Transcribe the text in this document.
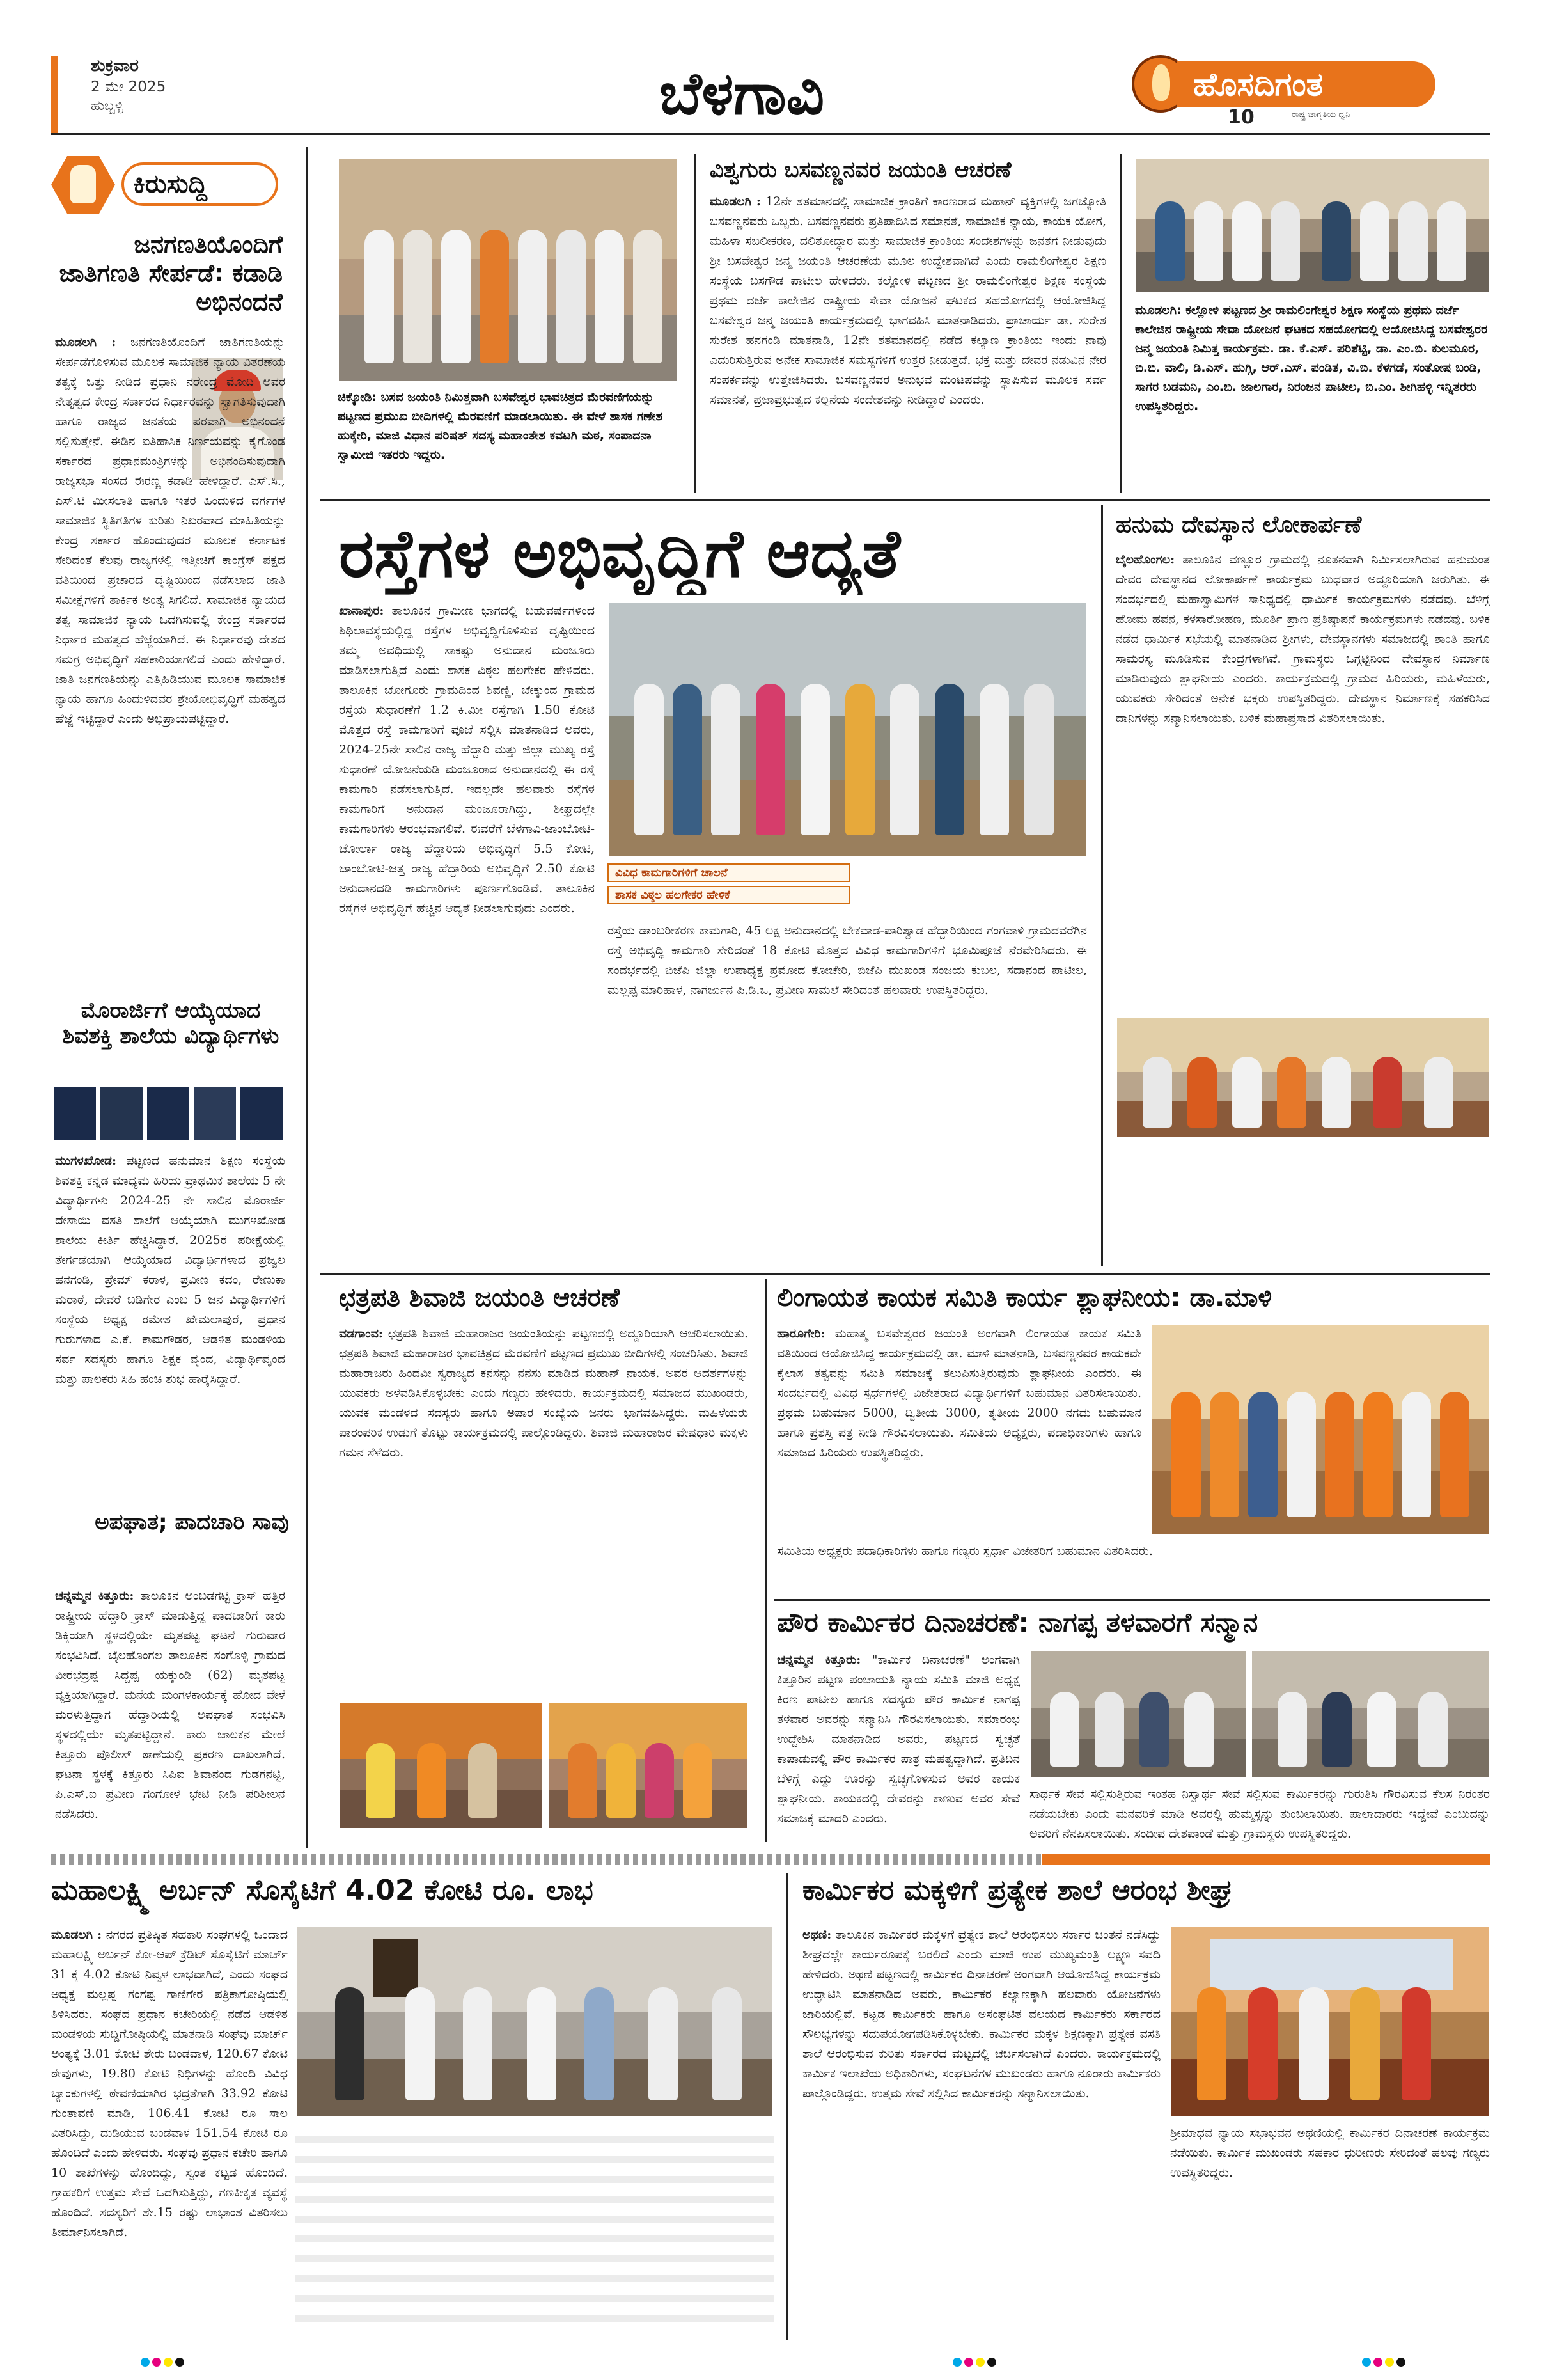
ಶುಕ್ರವಾರ
2 ಮೇ 2025
ಹುಬ್ಬಳ್ಳಿ	ಬೆಳಗಾವಿ	ಹೊಸದಿಗಂತ
ರಾಷ್ಟ್ರ ಜಾಗೃತಿಯ ಧ್ವನಿ
10
ಕಿರುಸುದ್ದಿ
ಜನಗಣತಿಯೊಂದಿಗೆ ಜಾತಿಗಣತಿ ಸೇರ್ಪಡೆ: ಕಡಾಡಿ ಅಭಿನಂದನೆ
ಮೂಡಲಗಿ : ಜನಗಣತಿಯೊಂದಿಗೆ ಜಾತಿಗಣತಿಯನ್ನು ಸೇರ್ಪಡೆಗೊಳಿಸುವ ಮೂಲಕ ಸಾಮಾಜಿಕ ನ್ಯಾಯ ವಿತರಣೆಯ ತತ್ವಕ್ಕೆ ಒತ್ತು ನೀಡಿದ ಪ್ರಧಾನಿ ನರೇಂದ್ರ ಮೋದಿ ಅವರ ನೇತೃತ್ವದ ಕೇಂದ್ರ ಸರ್ಕಾರದ ನಿರ್ಧಾರವನ್ನು ಸ್ವಾಗತಿಸುವುದಾಗಿ ಹಾಗೂ ರಾಜ್ಯದ ಜನತೆಯ ಪರವಾಗಿ ಅಭಿನಂದನೆ ಸಲ್ಲಿಸುತ್ತೇನೆ. ಈಡಿನ ಐತಿಹಾಸಿಕ ನಿರ್ಣಯವನ್ನು ಕೈಗೊಂಡ ಸರ್ಕಾರದ ಪ್ರಧಾನಮಂತ್ರಿಗಳನ್ನು ಅಭಿನಂದಿಸುವುದಾಗಿ ರಾಜ್ಯಸಭಾ ಸಂಸದ ಈರಣ್ಣ ಕಡಾಡಿ ಹೇಳಿದ್ದಾರೆ. ಎಸ್.ಸಿ., ಎಸ್.ಟಿ ಮೀಸಲಾತಿ ಹಾಗೂ ಇತರ ಹಿಂದುಳಿದ ವರ್ಗಗಳ ಸಾಮಾಜಿಕ ಸ್ಥಿತಿಗತಿಗಳ ಕುರಿತು ನಿಖರವಾದ ಮಾಹಿತಿಯನ್ನು ಕೇಂದ್ರ ಸರ್ಕಾರ ಹೊಂದುವುದರ ಮೂಲಕ ಕರ್ನಾಟಕ ಸೇರಿದಂತೆ ಕೆಲವು ರಾಜ್ಯಗಳಲ್ಲಿ ಇತ್ತೀಚಿಗೆ ಕಾಂಗ್ರೆಸ್ ಪಕ್ಷದ ವತಿಯಿಂದ ಪ್ರಚಾರದ ದೃಷ್ಟಿಯಿಂದ ನಡೆಸಲಾದ ಜಾತಿ ಸಮೀಕ್ಷೆಗಳಿಗೆ ತಾರ್ಕಿಕ ಅಂತ್ಯ ಸಿಗಲಿದೆ. ಸಾಮಾಜಿಕ ನ್ಯಾಯದ ತತ್ವ ಸಾಮಾಜಿಕ ನ್ಯಾಯ ಒದಗಿಸುವಲ್ಲಿ ಕೇಂದ್ರ ಸರ್ಕಾರದ ನಿರ್ಧಾರ ಮಹತ್ವದ ಹೆಜ್ಜೆಯಾಗಿದೆ. ಈ ನಿರ್ಧಾರವು ದೇಶದ ಸಮಗ್ರ ಅಭಿವೃದ್ಧಿಗೆ ಸಹಕಾರಿಯಾಗಲಿದೆ ಎಂದು ಹೇಳಿದ್ದಾರೆ. ಜಾತಿ ಜನಗಣತಿಯನ್ನು ಎತ್ತಿಹಿಡಿಯುವ ಮೂಲಕ ಸಾಮಾಜಿಕ ನ್ಯಾಯ ಹಾಗೂ ಹಿಂದುಳಿದವರ ಶ್ರೇಯೋಭಿವೃದ್ಧಿಗೆ ಮಹತ್ವದ ಹೆಜ್ಜೆ ಇಟ್ಟಿದ್ದಾರೆ ಎಂದು ಅಭಿಪ್ರಾಯಪಟ್ಟಿದ್ದಾರೆ.
ಮೊರಾರ್ಜಿಗೆ ಆಯ್ಕೆಯಾದ ಶಿವಶಕ್ತಿ ಶಾಲೆಯ ವಿದ್ಯಾರ್ಥಿಗಳು
ಮುಗಳಖೋಡ: ಪಟ್ಟಣದ ಹನುಮಾನ ಶಿಕ್ಷಣ ಸಂಸ್ಥೆಯ ಶಿವಶಕ್ತಿ ಕನ್ನಡ ಮಾಧ್ಯಮ ಹಿರಿಯ ಪ್ರಾಥಮಿಕ ಶಾಲೆಯ 5 ನೇ ವಿದ್ಯಾರ್ಥಿಗಳು 2024-25 ನೇ ಸಾಲಿನ ಮೊರಾರ್ಜಿ ದೇಸಾಯಿ ವಸತಿ ಶಾಲೆಗೆ ಆಯ್ಕೆಯಾಗಿ ಮುಗಳಖೋಡ ಶಾಲೆಯ ಕೀರ್ತಿ ಹೆಚ್ಚಿಸಿದ್ದಾರೆ. 2025ರ ಪರೀಕ್ಷೆಯಲ್ಲಿ ತೇರ್ಗಡೆಯಾಗಿ ಆಯ್ಕೆಯಾದ ವಿದ್ಯಾರ್ಥಿಗಳಾದ ಪ್ರಜ್ವಲ ಹನಗಂಡಿ, ಪ್ರೇಮ್ ಕರಾಳ, ಪ್ರವೀಣ ಕದಂ, ರೇಣುಕಾ ಮರಾಠೆ, ದೇವರೆ ಬಡಿಗೇರ ಎಂಬ 5 ಜನ ವಿದ್ಯಾರ್ಥಿಗಳಿಗೆ ಸಂಸ್ಥೆಯ ಅಧ್ಯಕ್ಷ ರಮೇಶ ಖೇಮಲಾಪುರೆ, ಪ್ರಧಾನ ಗುರುಗಳಾದ ಎ.ಕೆ. ಕಾಮಗೌಡರ, ಆಡಳಿತ ಮಂಡಳಿಯ ಸರ್ವ ಸದಸ್ಯರು ಹಾಗೂ ಶಿಕ್ಷಕ ವೃಂದ, ವಿದ್ಯಾರ್ಥಿವೃಂದ ಮತ್ತು ಪಾಲಕರು ಸಿಹಿ ಹಂಚಿ ಶುಭ ಹಾರೈಸಿದ್ದಾರೆ.
ಅಪಘಾತ; ಪಾದಚಾರಿ ಸಾವು
ಚನ್ನಮ್ಮನ ಕಿತ್ತೂರು: ತಾಲೂಕಿನ ಅಂಬಡಗಟ್ಟಿ ಕ್ರಾಸ್ ಹತ್ತಿರ ರಾಷ್ಟ್ರೀಯ ಹೆದ್ದಾರಿ ಕ್ರಾಸ್ ಮಾಡುತ್ತಿದ್ದ ಪಾದಚಾರಿಗೆ ಕಾರು ಡಿಕ್ಕಿಯಾಗಿ ಸ್ಥಳದಲ್ಲಿಯೇ ಮೃತಪಟ್ಟ ಘಟನೆ ಗುರುವಾರ ಸಂಭವಿಸಿದೆ. ಬೈಲಹೊಂಗಲ ತಾಲೂಕಿನ ಸಂಗೊಳ್ಳಿ ಗ್ರಾಮದ ವೀರಭದ್ರಪ್ಪ ಸಿದ್ದಪ್ಪ ಯಕ್ಕುಂಡಿ (62) ಮೃತಪಟ್ಟ ವ್ಯಕ್ತಿಯಾಗಿದ್ದಾರೆ. ಮನೆಯ ಮಂಗಳಕಾರ್ಯಕ್ಕೆ ಹೋದ ವೇಳೆ ಮರಳುತ್ತಿದ್ದಾಗ ಹೆದ್ದಾರಿಯಲ್ಲಿ ಅಪಘಾತ ಸಂಭವಿಸಿ ಸ್ಥಳದಲ್ಲಿಯೇ ಮೃತಪಟ್ಟಿದ್ದಾನೆ. ಕಾರು ಚಾಲಕನ ಮೇಲೆ ಕಿತ್ತೂರು ಪೊಲೀಸ್ ಠಾಣೆಯಲ್ಲಿ ಪ್ರಕರಣ ದಾಖಲಾಗಿದೆ. ಘಟನಾ ಸ್ಥಳಕ್ಕೆ ಕಿತ್ತೂರು ಸಿಪಿಐ ಶಿವಾನಂದ ಗುಡಗನಟ್ಟಿ, ಪಿ.ಎಸ್.ಐ ಪ್ರವೀಣ ಗಂಗೋಳ ಭೇಟಿ ನೀಡಿ ಪರಿಶೀಲನೆ ನಡೆಸಿದರು.
ಚಿಕ್ಕೋಡಿ: ಬಸವ ಜಯಂತಿ ನಿಮಿತ್ತವಾಗಿ ಬಸವೇಶ್ವರ ಭಾವಚಿತ್ರದ ಮೆರವಣಿಗೆಯನ್ನು ಪಟ್ಟಣದ ಪ್ರಮುಖ ಬೀದಿಗಳಲ್ಲಿ ಮೆರವಣಿಗೆ ಮಾಡಲಾಯಿತು. ಈ ವೇಳೆ ಶಾಸಕ ಗಣೇಶ ಹುಕ್ಕೇರಿ, ಮಾಜಿ ವಿಧಾನ ಪರಿಷತ್ ಸದಸ್ಯ ಮಹಾಂತೇಶ ಕವಟಗಿ ಮಠ, ಸಂಪಾದನಾ ಸ್ವಾಮೀಜಿ ಇತರರು ಇದ್ದರು.
ವಿಶ್ವಗುರು ಬಸವಣ್ಣನವರ ಜಯಂತಿ ಆಚರಣೆ
ಮೂಡಲಗಿ : 12ನೇ ಶತಮಾನದಲ್ಲಿ ಸಾಮಾಜಿಕ ಕ್ರಾಂತಿಗೆ ಕಾರಣರಾದ ಮಹಾನ್ ವ್ಯಕ್ತಿಗಳಲ್ಲಿ ಜಗಜ್ಯೋತಿ ಬಸವಣ್ಣನವರು ಒಬ್ಬರು. ಬಸವಣ್ಣನವರು ಪ್ರತಿಪಾದಿಸಿದ ಸಮಾನತೆ, ಸಾಮಾಜಿಕ ನ್ಯಾಯ, ಕಾಯಕ ಯೋಗ, ಮಹಿಳಾ ಸಬಲೀಕರಣ, ದಲಿತೋದ್ಧಾರ ಮತ್ತು ಸಾಮಾಜಿಕ ಕ್ರಾಂತಿಯ ಸಂದೇಶಗಳನ್ನು ಜನತೆಗೆ ನೀಡುವುದು ಶ್ರೀ ಬಸವೇಶ್ವರ ಜನ್ಮ ಜಯಂತಿ ಆಚರಣೆಯ ಮೂಲ ಉದ್ದೇಶವಾಗಿದೆ ಎಂದು ರಾಮಲಿಂಗೇಶ್ವರ ಶಿಕ್ಷಣ ಸಂಸ್ಥೆಯ ಬಸಗೌಡ ಪಾಟೀಲ ಹೇಳಿದರು. ಕಲ್ಲೋಳಿ ಪಟ್ಟಣದ ಶ್ರೀ ರಾಮಲಿಂಗೇಶ್ವರ ಶಿಕ್ಷಣ ಸಂಸ್ಥೆಯ ಪ್ರಥಮ ದರ್ಜೆ ಕಾಲೇಜಿನ ರಾಷ್ಟ್ರೀಯ ಸೇವಾ ಯೋಜನೆ ಘಟಕದ ಸಹಯೋಗದಲ್ಲಿ ಆಯೋಜಿಸಿದ್ದ ಬಸವೇಶ್ವರ ಜನ್ಮ ಜಯಂತಿ ಕಾರ್ಯಕ್ರಮದಲ್ಲಿ ಭಾಗವಹಿಸಿ ಮಾತನಾಡಿದರು. ಪ್ರಾಚಾರ್ಯ ಡಾ. ಸುರೇಶ ಸುರೇಶ ಹನಗಂಡಿ ಮಾತನಾಡಿ, 12ನೇ ಶತಮಾನದಲ್ಲಿ ನಡೆದ ಕಲ್ಯಾಣ ಕ್ರಾಂತಿಯ ಇಂದು ನಾವು ಎದುರಿಸುತ್ತಿರುವ ಅನೇಕ ಸಾಮಾಜಿಕ ಸಮಸ್ಯೆಗಳಿಗೆ ಉತ್ತರ ನೀಡುತ್ತದೆ. ಭಕ್ತ ಮತ್ತು ದೇವರ ನಡುವಿನ ನೇರ ಸಂಪರ್ಕವನ್ನು ಉತ್ತೇಜಿಸಿದರು. ಬಸವಣ್ಣನವರ ಅನುಭವ ಮಂಟಪವನ್ನು ಸ್ಥಾಪಿಸುವ ಮೂಲಕ ಸರ್ವ ಸಮಾನತೆ, ಪ್ರಜಾಪ್ರಭುತ್ವದ ಕಲ್ಪನೆಯ ಸಂದೇಶವನ್ನು ನೀಡಿದ್ದಾರೆ ಎಂದರು.
ಮೂಡಲಗಿ: ಕಲ್ಲೋಳಿ ಪಟ್ಟಣದ ಶ್ರೀ ರಾಮಲಿಂಗೇಶ್ವರ ಶಿಕ್ಷಣ ಸಂಸ್ಥೆಯ ಪ್ರಥಮ ದರ್ಜೆ ಕಾಲೇಜಿನ ರಾಷ್ಟ್ರೀಯ ಸೇವಾ ಯೋಜನೆ ಘಟಕದ ಸಹಯೋಗದಲ್ಲಿ ಆಯೋಜಿಸಿದ್ದ ಬಸವೇಶ್ವರರ ಜನ್ಮ ಜಯಂತಿ ನಿಮಿತ್ತ ಕಾರ್ಯಕ್ರಮ. ಡಾ. ಕೆ.ಎಸ್. ಪರಿಶೆಟ್ಟಿ, ಡಾ. ಎಂ.ಬಿ. ಕುಲಮೂರ, ಬಿ.ಬಿ. ವಾಲಿ, ಡಿ.ಎಸ್. ಹುಗ್ಗಿ, ಆರ್.ಎಸ್. ಪಂಡಿತ, ವಿ.ಬಿ. ಕೆಳಗಡೆ, ಸಂತೋಷ ಬಂಡಿ, ಸಾಗರ ಬಡಮನಿ, ಎಂ.ಬಿ. ಜಾಲಗಾರ, ನಿರಂಜನ ಪಾಟೀಲ, ಬಿ.ಎಂ. ಶೀಗಿಹಳ್ಳಿ ಇನ್ನಿತರರು ಉಪಸ್ಥಿತರಿದ್ದರು.
ರಸ್ತೆಗಳ ಅಭಿವೃದ್ಧಿಗೆ ಆದ್ಯತೆ
ಖಾನಾಪುರ: ತಾಲೂಕಿನ ಗ್ರಾಮೀಣ ಭಾಗದಲ್ಲಿ ಬಹುವರ್ಷಗಳಿಂದ ಶಿಥಿಲಾವಸ್ಥೆಯಲ್ಲಿದ್ದ ರಸ್ತೆಗಳ ಅಭಿವೃದ್ಧಿಗೊಳಿಸುವ ದೃಷ್ಟಿಯಿಂದ ತಮ್ಮ ಅವಧಿಯಲ್ಲಿ ಸಾಕಷ್ಟು ಅನುದಾನ ಮಂಜೂರು ಮಾಡಿಸಲಾಗುತ್ತಿದೆ ಎಂದು ಶಾಸಕ ವಿಠ್ಠಲ ಹಲಗೇಕರ ಹೇಳಿದರು. ತಾಲೂಕಿನ ಬೋಗೂರು ಗ್ರಾಮದಿಂದ ಶಿವಣ್ಣಿ, ಬೇಕ್ಕುಂದ ಗ್ರಾಮದ ರಸ್ತೆಯ ಸುಧಾರಣೆಗೆ 1.2 ಕಿ.ಮೀ ರಸ್ತೆಗಾಗಿ 1.50 ಕೋಟಿ ಮೊತ್ತದ ರಸ್ತೆ ಕಾಮಗಾರಿಗೆ ಪೂಜೆ ಸಲ್ಲಿಸಿ ಮಾತನಾಡಿದ ಅವರು, 2024-25ನೇ ಸಾಲಿನ ರಾಜ್ಯ ಹೆದ್ದಾರಿ ಮತ್ತು ಜಿಲ್ಲಾ ಮುಖ್ಯ ರಸ್ತೆ ಸುಧಾರಣೆ ಯೋಜನೆಯಡಿ ಮಂಜೂರಾದ ಅನುದಾನದಲ್ಲಿ ಈ ರಸ್ತೆ ಕಾಮಗಾರಿ ನಡೆಸಲಾಗುತ್ತಿದೆ. ಇದಲ್ಲದೇ ಹಲವಾರು ರಸ್ತೆಗಳ ಕಾಮಗಾರಿಗೆ ಅನುದಾನ ಮಂಜೂರಾಗಿದ್ದು, ಶೀಘ್ರದಲ್ಲೇ ಕಾಮಗಾರಿಗಳು ಆರಂಭವಾಗಲಿವೆ. ಈವರೆಗೆ ಬೆಳಗಾವಿ-ಜಾಂಬೋಟಿ-ಚೋರ್ಲಾ ರಾಜ್ಯ ಹೆದ್ದಾರಿಯ ಅಭಿವೃದ್ಧಿಗೆ 5.5 ಕೋಟಿ, ಜಾಂಬೋಟಿ-ಜತ್ತ ರಾಜ್ಯ ಹೆದ್ದಾರಿಯ ಅಭಿವೃದ್ಧಿಗೆ 2.50 ಕೋಟಿ ಅನುದಾನದಡಿ ಕಾಮಗಾರಿಗಳು ಪೂರ್ಣಗೊಂಡಿವೆ. ತಾಲೂಕಿನ ರಸ್ತೆಗಳ ಅಭಿವೃದ್ಧಿಗೆ ಹೆಚ್ಚಿನ ಆದ್ಯತೆ ನೀಡಲಾಗುವುದು ಎಂದರು.
ವಿವಿಧ ಕಾಮಗಾರಿಗಳಿಗೆ ಚಾಲನೆ
ಶಾಸಕ ವಿಠ್ಠಲ ಹಲಗೇಕರ ಹೇಳಿಕೆ
ರಸ್ತೆಯ ಡಾಂಬರೀಕರಣ ಕಾಮಗಾರಿ, 45 ಲಕ್ಷ ಅನುದಾನದಲ್ಲಿ ಬೇಕವಾಡ-ಪಾರಿಶ್ವಾಡ ಹೆದ್ದಾರಿಯಿಂದ ಗಂಗವಾಳಿ ಗ್ರಾಮದವರೆಗಿನ ರಸ್ತೆ ಅಭಿವೃದ್ಧಿ ಕಾಮಗಾರಿ ಸೇರಿದಂತೆ 18 ಕೋಟಿ ಮೊತ್ತದ ವಿವಿಧ ಕಾಮಗಾರಿಗಳಿಗೆ ಭೂಮಿಪೂಜೆ ನೆರವೇರಿಸಿದರು. ಈ ಸಂದರ್ಭದಲ್ಲಿ ಬಿಜೆಪಿ ಜಿಲ್ಲಾ ಉಪಾಧ್ಯಕ್ಷ ಪ್ರಮೋದ ಕೋಚೇರಿ, ಬಿಜೆಪಿ ಮುಖಂಡ ಸಂಜಯ ಕುಬಲ, ಸದಾನಂದ ಪಾಟೀಲ, ಮಲ್ಲಪ್ಪ ಮಾರಿಹಾಳ, ನಾಗರ್ಜುನ ಪಿ.ಡಿ.ಒ, ಪ್ರವೀಣ ಸಾಮಲೆ ಸೇರಿದಂತೆ ಹಲವಾರು ಉಪಸ್ಥಿತರಿದ್ದರು.
ಹನುಮ ದೇವಸ್ಥಾನ ಲೋಕಾರ್ಪಣೆ
ಬೈಲಹೊಂಗಲ: ತಾಲೂಕಿನ ವಣ್ಣೂರ ಗ್ರಾಮದಲ್ಲಿ ನೂತನವಾಗಿ ನಿರ್ಮಿಸಲಾಗಿರುವ ಹನುಮಂತ ದೇವರ ದೇವಸ್ಥಾನದ ಲೋಕಾರ್ಪಣೆ ಕಾರ್ಯಕ್ರಮ ಬುಧವಾರ ಅದ್ದೂರಿಯಾಗಿ ಜರುಗಿತು. ಈ ಸಂದರ್ಭದಲ್ಲಿ ಮಹಾಸ್ವಾಮಿಗಳ ಸಾನಿಧ್ಯದಲ್ಲಿ ಧಾರ್ಮಿಕ ಕಾರ್ಯಕ್ರಮಗಳು ನಡೆದವು. ಬೆಳಿಗ್ಗೆ ಹೋಮ ಹವನ, ಕಳಸಾರೋಹಣ, ಮೂರ್ತಿ ಪ್ರಾಣ ಪ್ರತಿಷ್ಠಾಪನೆ ಕಾರ್ಯಕ್ರಮಗಳು ನಡೆದವು. ಬಳಿಕ ನಡೆದ ಧಾರ್ಮಿಕ ಸಭೆಯಲ್ಲಿ ಮಾತನಾಡಿದ ಶ್ರೀಗಳು, ದೇವಸ್ಥಾನಗಳು ಸಮಾಜದಲ್ಲಿ ಶಾಂತಿ ಹಾಗೂ ಸಾಮರಸ್ಯ ಮೂಡಿಸುವ ಕೇಂದ್ರಗಳಾಗಿವೆ. ಗ್ರಾಮಸ್ಥರು ಒಗ್ಗಟ್ಟಿನಿಂದ ದೇವಸ್ಥಾನ ನಿರ್ಮಾಣ ಮಾಡಿರುವುದು ಶ್ಲಾಘನೀಯ ಎಂದರು. ಕಾರ್ಯಕ್ರಮದಲ್ಲಿ ಗ್ರಾಮದ ಹಿರಿಯರು, ಮಹಿಳೆಯರು, ಯುವಕರು ಸೇರಿದಂತೆ ಅನೇಕ ಭಕ್ತರು ಉಪಸ್ಥಿತರಿದ್ದರು. ದೇವಸ್ಥಾನ ನಿರ್ಮಾಣಕ್ಕೆ ಸಹಕರಿಸಿದ ದಾನಿಗಳನ್ನು ಸನ್ಮಾನಿಸಲಾಯಿತು. ಬಳಿಕ ಮಹಾಪ್ರಸಾದ ವಿತರಿಸಲಾಯಿತು.
ಛತ್ರಪತಿ ಶಿವಾಜಿ ಜಯಂತಿ ಆಚರಣೆ
ವಡಗಾಂವ: ಛತ್ರಪತಿ ಶಿವಾಜಿ ಮಹಾರಾಜರ ಜಯಂತಿಯನ್ನು ಪಟ್ಟಣದಲ್ಲಿ ಅದ್ದೂರಿಯಾಗಿ ಆಚರಿಸಲಾಯಿತು. ಛತ್ರಪತಿ ಶಿವಾಜಿ ಮಹಾರಾಜರ ಭಾವಚಿತ್ರದ ಮೆರವಣಿಗೆ ಪಟ್ಟಣದ ಪ್ರಮುಖ ಬೀದಿಗಳಲ್ಲಿ ಸಂಚರಿಸಿತು. ಶಿವಾಜಿ ಮಹಾರಾಜರು ಹಿಂದವೀ ಸ್ವರಾಜ್ಯದ ಕನಸನ್ನು ನನಸು ಮಾಡಿದ ಮಹಾನ್ ನಾಯಕ. ಅವರ ಆದರ್ಶಗಳನ್ನು ಯುವಕರು ಅಳವಡಿಸಿಕೊಳ್ಳಬೇಕು ಎಂದು ಗಣ್ಯರು ಹೇಳಿದರು. ಕಾರ್ಯಕ್ರಮದಲ್ಲಿ ಸಮಾಜದ ಮುಖಂಡರು, ಯುವಕ ಮಂಡಳದ ಸದಸ್ಯರು ಹಾಗೂ ಅಪಾರ ಸಂಖ್ಯೆಯ ಜನರು ಭಾಗವಹಿಸಿದ್ದರು. ಮಹಿಳೆಯರು ಪಾರಂಪರಿಕ ಉಡುಗೆ ತೊಟ್ಟು ಕಾರ್ಯಕ್ರಮದಲ್ಲಿ ಪಾಲ್ಗೊಂಡಿದ್ದರು. ಶಿವಾಜಿ ಮಹಾರಾಜರ ವೇಷಧಾರಿ ಮಕ್ಕಳು ಗಮನ ಸೆಳೆದರು.
ಲಿಂಗಾಯತ ಕಾಯಕ ಸಮಿತಿ ಕಾರ್ಯ ಶ್ಲಾಘನೀಯ: ಡಾ.ಮಾಳಿ
ಹಾರೂಗೇರಿ: ಮಹಾತ್ಮ ಬಸವೇಶ್ವರರ ಜಯಂತಿ ಅಂಗವಾಗಿ ಲಿಂಗಾಯತ ಕಾಯಕ ಸಮಿತಿ ವತಿಯಿಂದ ಆಯೋಜಿಸಿದ್ದ ಕಾರ್ಯಕ್ರಮದಲ್ಲಿ ಡಾ. ಮಾಳಿ ಮಾತನಾಡಿ, ಬಸವಣ್ಣನವರ ಕಾಯಕವೇ ಕೈಲಾಸ ತತ್ವವನ್ನು ಸಮಿತಿ ಸಮಾಜಕ್ಕೆ ತಲುಪಿಸುತ್ತಿರುವುದು ಶ್ಲಾಘನೀಯ ಎಂದರು. ಈ ಸಂದರ್ಭದಲ್ಲಿ ವಿವಿಧ ಸ್ಪರ್ಧೆಗಳಲ್ಲಿ ವಿಜೇತರಾದ ವಿದ್ಯಾರ್ಥಿಗಳಿಗೆ ಬಹುಮಾನ ವಿತರಿಸಲಾಯಿತು. ಪ್ರಥಮ ಬಹುಮಾನ 5000, ದ್ವಿತೀಯ 3000, ತೃತೀಯ 2000 ನಗದು ಬಹುಮಾನ ಹಾಗೂ ಪ್ರಶಸ್ತಿ ಪತ್ರ ನೀಡಿ ಗೌರವಿಸಲಾಯಿತು. ಸಮಿತಿಯ ಅಧ್ಯಕ್ಷರು, ಪದಾಧಿಕಾರಿಗಳು ಹಾಗೂ ಸಮಾಜದ ಹಿರಿಯರು ಉಪಸ್ಥಿತರಿದ್ದರು.
ಸಮಿತಿಯ ಅಧ್ಯಕ್ಷರು ಪದಾಧಿಕಾರಿಗಳು ಹಾಗೂ ಗಣ್ಯರು ಸ್ಪರ್ಧಾ ವಿಜೇತರಿಗೆ ಬಹುಮಾನ ವಿತರಿಸಿದರು.
ಪೌರ ಕಾರ್ಮಿಕರ ದಿನಾಚರಣೆ: ನಾಗಪ್ಪ ತಳವಾರಗೆ ಸನ್ಮಾನ
ಚನ್ನಮ್ಮನ ಕಿತ್ತೂರು: "ಕಾರ್ಮಿಕ ದಿನಾಚರಣೆ" ಅಂಗವಾಗಿ ಕಿತ್ತೂರಿನ ಪಟ್ಟಣ ಪಂಚಾಯತಿ ನ್ಯಾಯ ಸಮಿತಿ ಮಾಜಿ ಅಧ್ಯಕ್ಷ ಕಿರಣ ಪಾಟೀಲ ಹಾಗೂ ಸದಸ್ಯರು ಪೌರ ಕಾರ್ಮಿಕ ನಾಗಪ್ಪ ತಳವಾರ ಅವರನ್ನು ಸನ್ಮಾನಿಸಿ ಗೌರವಿಸಲಾಯಿತು. ಸಮಾರಂಭ ಉದ್ದೇಶಿಸಿ ಮಾತನಾಡಿದ ಅವರು, ಪಟ್ಟಣದ ಸ್ವಚ್ಛತೆ ಕಾಪಾಡುವಲ್ಲಿ ಪೌರ ಕಾರ್ಮಿಕರ ಪಾತ್ರ ಮಹತ್ವದ್ದಾಗಿದೆ. ಪ್ರತಿದಿನ ಬೆಳಿಗ್ಗೆ ಎದ್ದು ಊರನ್ನು ಸ್ವಚ್ಛಗೊಳಿಸುವ ಅವರ ಕಾಯಕ ಶ್ಲಾಘನೀಯ. ಕಾಯಕದಲ್ಲಿ ದೇವರನ್ನು ಕಾಣುವ ಅವರ ಸೇವೆ ಸಮಾಜಕ್ಕೆ ಮಾದರಿ ಎಂದರು.
ಸಾರ್ಥಕ ಸೇವೆ ಸಲ್ಲಿಸುತ್ತಿರುವ ಇಂತಹ ನಿಸ್ವಾರ್ಥ ಸೇವೆ ಸಲ್ಲಿಸುವ ಕಾರ್ಮಿಕರನ್ನು ಗುರುತಿಸಿ ಗೌರವಿಸುವ ಕೆಲಸ ನಿರಂತರ ನಡೆಯಬೇಕು ಎಂದು ಮನವರಿಕೆ ಮಾಡಿ ಅವರಲ್ಲಿ ಹುಮ್ಮಸ್ಸನ್ನು ತುಂಬಲಾಯಿತು. ಪಾಲಾದಾರರು ಇದ್ದೇವೆ ಎಂಬುದನ್ನು ಅವರಿಗೆ ನೆನಪಿಸಲಾಯಿತು. ಸಂದೀಪ ದೇಶಪಾಂಡೆ ಮತ್ತು ಗ್ರಾಮಸ್ಥರು ಉಪಸ್ಥಿತರಿದ್ದರು.
ಮಹಾಲಕ್ಷ್ಮಿ ಅರ್ಬನ್ ಸೊಸೈಟಿಗೆ 4.02 ಕೋಟಿ ರೂ. ಲಾಭ
ಮೂಡಲಗಿ : ನಗರದ ಪ್ರತಿಷ್ಠಿತ ಸಹಕಾರಿ ಸಂಘಗಳಲ್ಲಿ ಒಂದಾದ ಮಹಾಲಕ್ಷ್ಮಿ ಅರ್ಬನ್ ಕೋ-ಆಪ್ ಕ್ರೆಡಿಟ್ ಸೊಸೈಟಿಗೆ ಮಾರ್ಚ್ 31 ಕ್ಕೆ 4.02 ಕೋಟಿ ನಿವ್ವಳ ಲಾಭವಾಗಿದೆ, ಎಂದು ಸಂಘದ ಅಧ್ಯಕ್ಷ ಮಲ್ಲಪ್ಪ ಗಂಗಪ್ಪ ಗಾಣಿಗೇರ ಪತ್ರಿಕಾಗೋಷ್ಠಿಯಲ್ಲಿ ತಿಳಿಸಿದರು. ಸಂಘದ ಪ್ರಧಾನ ಕಚೇರಿಯಲ್ಲಿ ನಡೆದ ಆಡಳಿತ ಮಂಡಳಿಯ ಸುದ್ದಿಗೋಷ್ಠಿಯಲ್ಲಿ ಮಾತನಾಡಿ ಸಂಘವು ಮಾರ್ಚ್ ಅಂತ್ಯಕ್ಕೆ 3.01 ಕೋಟಿ ಶೇರು ಬಂಡವಾಳ, 120.67 ಕೋಟಿ ಠೇವುಗಳು, 19.80 ಕೋಟಿ ನಿಧಿಗಳನ್ನು ಹೊಂದಿ ವಿವಿಧ ಬ್ಯಾಂಕುಗಳಲ್ಲಿ ಠೇವಣಿಯಾಗಿರ ಭದ್ರತೆಗಾಗಿ 33.92 ಕೋಟಿ ಗುಂತಾವಣಿ ಮಾಡಿ, 106.41 ಕೋಟಿ ರೂ ಸಾಲ ವಿತರಿಸಿದ್ದು, ದುಡಿಯುವ ಬಂಡವಾಳ 151.54 ಕೋಟಿ ರೂ ಹೊಂದಿದೆ ಎಂದು ಹೇಳಿದರು. ಸಂಘವು ಪ್ರಧಾನ ಕಚೇರಿ ಹಾಗೂ 10 ಶಾಖೆಗಳನ್ನು ಹೊಂದಿದ್ದು, ಸ್ವಂತ ಕಟ್ಟಡ ಹೊಂದಿದೆ. ಗ್ರಾಹಕರಿಗೆ ಉತ್ತಮ ಸೇವೆ ಒದಗಿಸುತ್ತಿದ್ದು, ಗಣಕೀಕೃತ ವ್ಯವಸ್ಥೆ ಹೊಂದಿದೆ. ಸದಸ್ಯರಿಗೆ ಶೇ.15 ರಷ್ಟು ಲಾಭಾಂಶ ವಿತರಿಸಲು ತೀರ್ಮಾನಿಸಲಾಗಿದೆ.
ಕಾರ್ಮಿಕರ ಮಕ್ಕಳಿಗೆ ಪ್ರತ್ಯೇಕ ಶಾಲೆ ಆರಂಭ ಶೀಘ್ರ
ಅಥಣಿ: ತಾಲೂಕಿನ ಕಾರ್ಮಿಕರ ಮಕ್ಕಳಿಗೆ ಪ್ರತ್ಯೇಕ ಶಾಲೆ ಆರಂಭಿಸಲು ಸರ್ಕಾರ ಚಿಂತನೆ ನಡೆಸಿದ್ದು ಶೀಘ್ರದಲ್ಲೇ ಕಾರ್ಯರೂಪಕ್ಕೆ ಬರಲಿದೆ ಎಂದು ಮಾಜಿ ಉಪ ಮುಖ್ಯಮಂತ್ರಿ ಲಕ್ಷ್ಮಣ ಸವದಿ ಹೇಳಿದರು. ಅಥಣಿ ಪಟ್ಟಣದಲ್ಲಿ ಕಾರ್ಮಿಕರ ದಿನಾಚರಣೆ ಅಂಗವಾಗಿ ಆಯೋಜಿಸಿದ್ದ ಕಾರ್ಯಕ್ರಮ ಉದ್ಘಾಟಿಸಿ ಮಾತನಾಡಿದ ಅವರು, ಕಾರ್ಮಿಕರ ಕಲ್ಯಾಣಕ್ಕಾಗಿ ಹಲವಾರು ಯೋಜನೆಗಳು ಜಾರಿಯಲ್ಲಿವೆ. ಕಟ್ಟಡ ಕಾರ್ಮಿಕರು ಹಾಗೂ ಅಸಂಘಟಿತ ವಲಯದ ಕಾರ್ಮಿಕರು ಸರ್ಕಾರದ ಸೌಲಭ್ಯಗಳನ್ನು ಸದುಪಯೋಗಪಡಿಸಿಕೊಳ್ಳಬೇಕು. ಕಾರ್ಮಿಕರ ಮಕ್ಕಳ ಶಿಕ್ಷಣಕ್ಕಾಗಿ ಪ್ರತ್ಯೇಕ ವಸತಿ ಶಾಲೆ ಆರಂಭಿಸುವ ಕುರಿತು ಸರ್ಕಾರದ ಮಟ್ಟದಲ್ಲಿ ಚರ್ಚಿಸಲಾಗಿದೆ ಎಂದರು. ಕಾರ್ಯಕ್ರಮದಲ್ಲಿ ಕಾರ್ಮಿಕ ಇಲಾಖೆಯ ಅಧಿಕಾರಿಗಳು, ಸಂಘಟನೆಗಳ ಮುಖಂಡರು ಹಾಗೂ ನೂರಾರು ಕಾರ್ಮಿಕರು ಪಾಲ್ಗೊಂಡಿದ್ದರು. ಉತ್ತಮ ಸೇವೆ ಸಲ್ಲಿಸಿದ ಕಾರ್ಮಿಕರನ್ನು ಸನ್ಮಾನಿಸಲಾಯಿತು.
ಶ್ರೀಮಾಧವ ನ್ಯಾಯ ಸಭಾಭವನ ಅಥಣಿಯಲ್ಲಿ ಕಾರ್ಮಿಕರ ದಿನಾಚರಣೆ ಕಾರ್ಯಕ್ರಮ ನಡೆಯಿತು. ಕಾರ್ಮಿಕ ಮುಖಂಡರು ಸಹಕಾರ ಧುರೀಣರು ಸೇರಿದಂತೆ ಹಲವು ಗಣ್ಯರು ಉಪಸ್ಥಿತರಿದ್ದರು.
